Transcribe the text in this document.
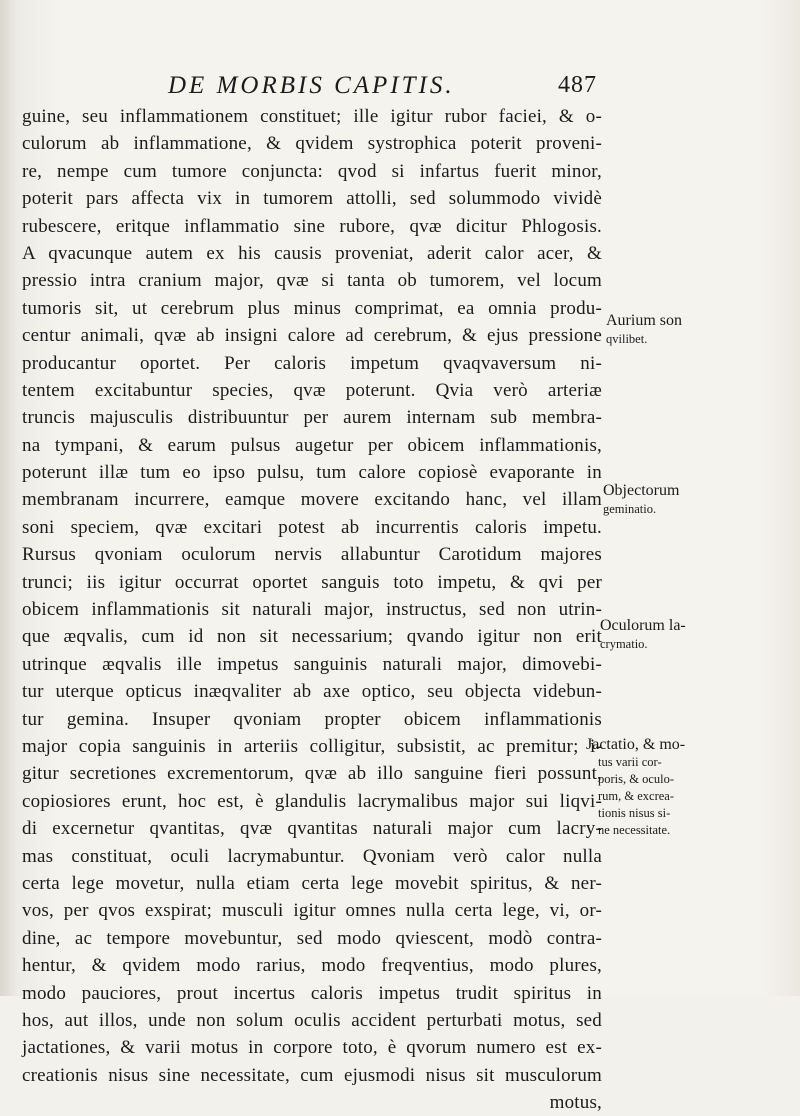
DE MORBIS CAPITIS.	487
guine, seu inflammationem constituet; ille igitur rubor faciei, & o-
culorum ab inflammatione, & qvidem systrophica poterit proveni-
re, nempe cum tumore conjuncta: qvod si infartus fuerit minor,
poterit pars affecta vix in tumorem attolli, sed solummodo vividè
rubescere, eritque inflammatio sine rubore, qvæ dicitur Phlogosis.
A qvacunque autem ex his causis proveniat, aderit calor acer, &
pressio intra cranium major, qvæ si tanta ob tumorem, vel locum
tumoris sit, ut cerebrum plus minus comprimat, ea omnia produ-
centur animali, qvæ ab insigni calore ad cerebrum, & ejus pressione
producantur oportet. Per caloris impetum qvaqvaversum ni-
tentem excitabuntur species, qvæ poterunt. Qvia verò arteriæ
truncis majusculis distribuuntur per aurem internam sub membra-
na tympani, & earum pulsus augetur per obicem inflammationis,
poterunt illæ tum eo ipso pulsu, tum calore copiosè evaporante in
membranam incurrere, eamque movere excitando hanc, vel illam
soni speciem, qvæ excitari potest ab incurrentis caloris impetu.
Rursus qvoniam oculorum nervis allabuntur Carotidum majores
trunci; iis igitur occurrat oportet sanguis toto impetu, & qvi per
obicem inflammationis sit naturali major, instructus, sed non utrin-
que æqvalis, cum id non sit necessarium; qvando igitur non erit
utrinque æqvalis ille impetus sanguinis naturali major, dimovebi-
tur uterque opticus inæqvaliter ab axe optico, seu objecta videbun-
tur gemina. Insuper qvoniam propter obicem inflammationis
major copia sanguinis in arteriis colligitur, subsistit, ac premitur; i-
gitur secretiones excrementorum, qvæ ab illo sanguine fieri possunt,
copiosiores erunt, hoc est, è glandulis lacrymalibus major sui liqvi-
di excernetur qvantitas, qvæ qvantitas naturali major cum lacry-
mas constituat, oculi lacrymabuntur. Qvoniam verò calor nulla
certa lege movetur, nulla etiam certa lege movebit spiritus, & ner-
vos, per qvos exspirat; musculi igitur omnes nulla certa lege, vi, or-
dine, ac tempore movebuntur, sed modo qviescent, modò contra-
hentur, & qvidem modo rarius, modo freqventius, modo plures,
modo pauciores, prout incertus caloris impetus trudit spiritus in
hos, aut illos, unde non solum oculis accident perturbati motus, sed
jactationes, & varii motus in corpore toto, è qvorum numero est ex-
creationis nisus sine necessitate, cum ejusmodi nisus sit musculorum
motus,
Aurium son
qvilibet.
Objectorum
geminatio.
Oculorum la-
crymatio.
Jactatio, & mo-
tus varii cor-
poris, & oculo-
rum, & excrea-
tionis nisus si-
ne necessitate.
